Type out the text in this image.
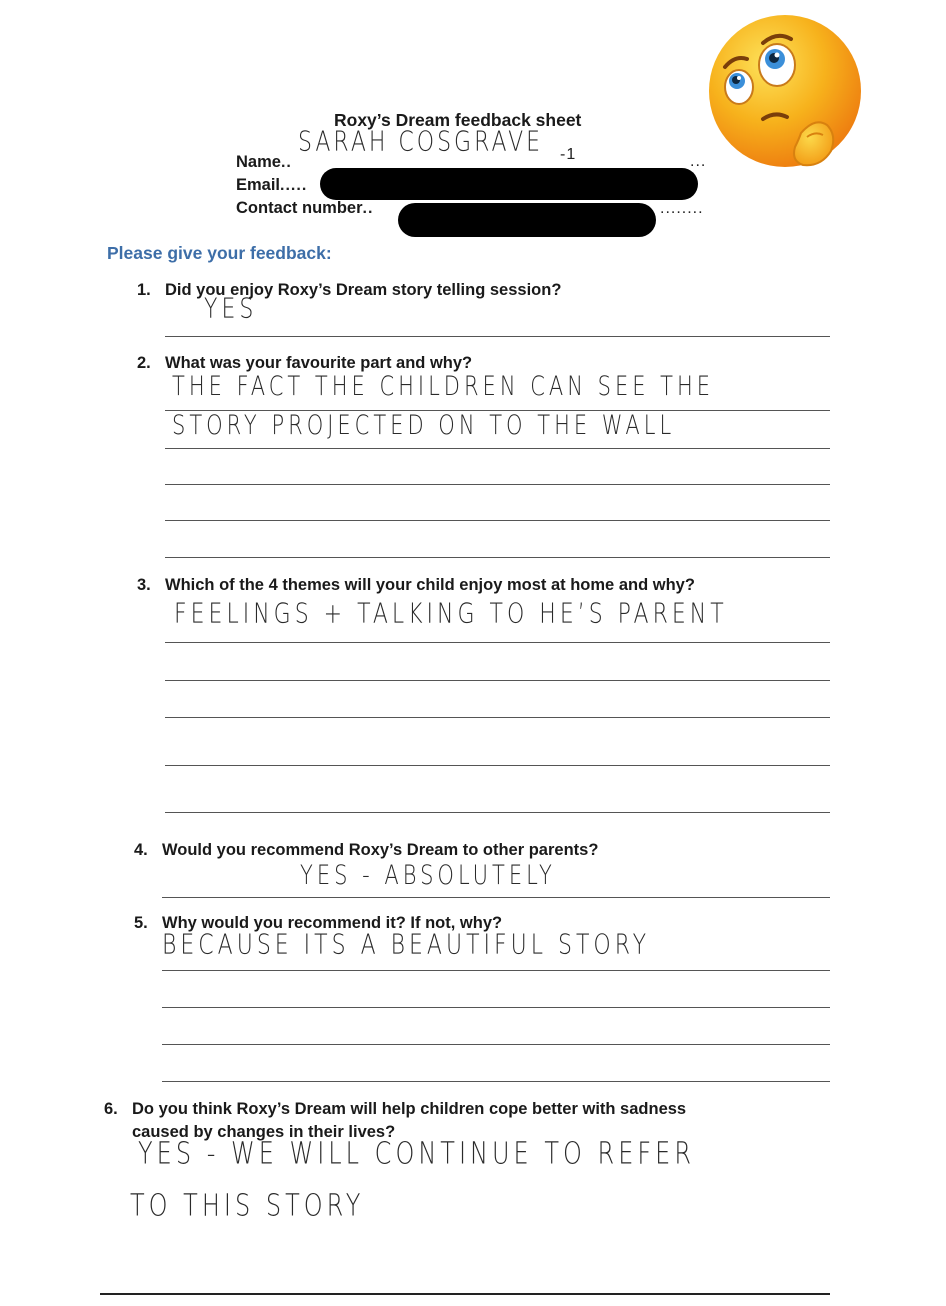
Roxy’s Dream feedback sheet
Name..
SARAH COSGRAVE -1	...
Email.....
Contact number..	........
Please give your feedback:
1. Did you enjoy Roxy’s Dream story telling session?
YES
2. What was your favourite part and why?
THE FACT THE CHILDREN CAN SEE THE
STORY PROJECTED ON TO THE WALL
3. Which of the 4 themes will your child enjoy most at home and why?
FEELINGS + TALKING TO HE’S PARENT
4. Would you recommend Roxy’s Dream to other parents?
YES - ABSOLUTELY
5. Why would you recommend it? If not, why?
BECAUSE ITS A BEAUTIFUL STORY
6. Do you think Roxy’s Dream will help children cope better with sadness
caused by changes in their lives?
YES - WE WILL CONTINUE TO REFER
TO THIS STORY
